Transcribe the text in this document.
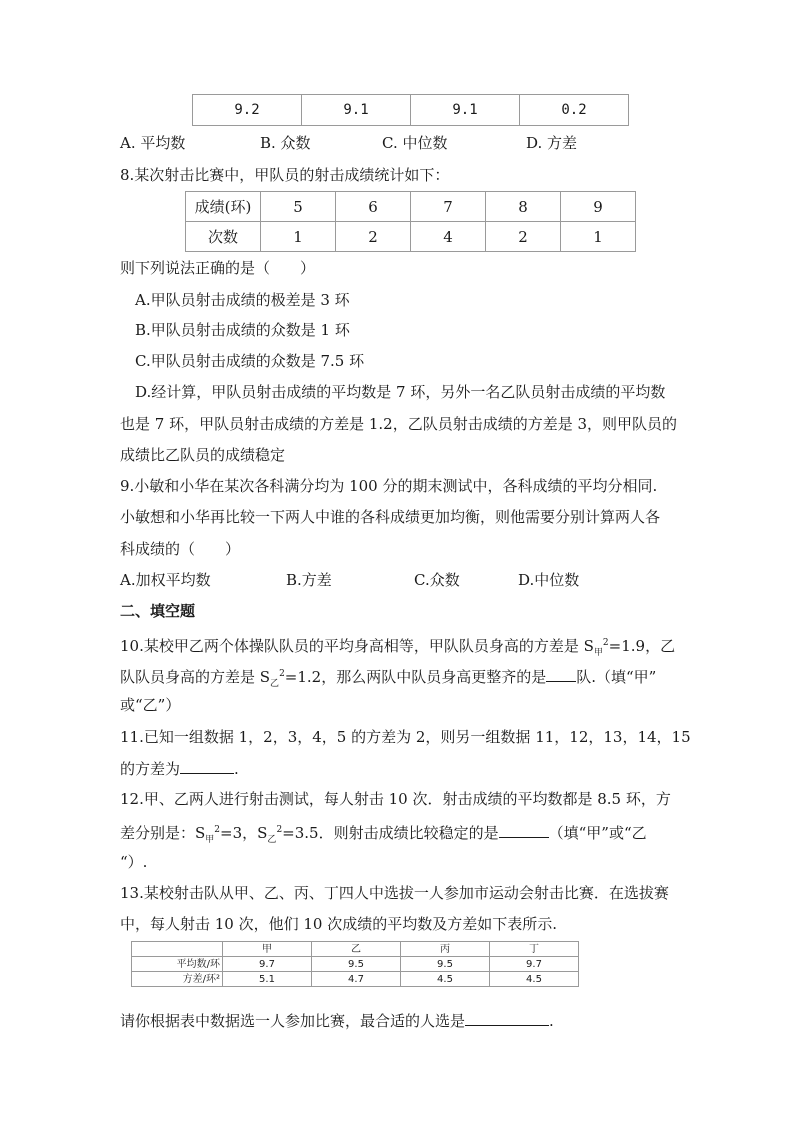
9.2	9.1	9.1	0.2
A. 平均数	B. 众数	C. 中位数	D. 方差
8.某次射击比赛中，甲队员的射击成绩统计如下：
成绩(环)	5	6	7	8	9
次数	1	2	4	2	1
则下列说法正确的是（　　）
A.甲队员射击成绩的极差是 3 环
B.甲队员射击成绩的众数是 1 环
C.甲队员射击成绩的众数是 7.5 环
D.经计算，甲队员射击成绩的平均数是 7 环，另外一名乙队员射击成绩的平均数
也是 7 环，甲队员射击成绩的方差是 1.2，乙队员射击成绩的方差是 3，则甲队员的
成绩比乙队员的成绩稳定
9.小敏和小华在某次各科满分均为 100 分的期末测试中，各科成绩的平均分相同.
小敏想和小华再比较一下两人中谁的各科成绩更加均衡，则他需要分别计算两人各
科成绩的（　　）
A.加权平均数	B.方差	C.众数	D.中位数
二、填空题
10.某校甲乙两个体操队队员的平均身高相等，甲队队员身高的方差是 $S_甲^2=1.9$，乙
队队员身高的方差是 $S_乙^2=1.2$，那么两队中队员身高更整齐的是 队.（填“甲”
或“乙”）
11.已知一组数据 1，2，3，4，5 的方差为 2，则另一组数据 11，12，13，14，15
的方差为	.
12.甲、乙两人进行射击测试，每人射击 10 次．射击成绩的平均数都是 8.5 环，方
差分别是：$S_甲^2=3$，$S_乙^2=3.5$．则射击成绩比较稳定的是	（填“甲”或“乙
“）.
13.某校射击队从甲、乙、丙、丁四人中选拔一人参加市运动会射击比赛．在选拔赛
中，每人射击 10 次，他们 10 次成绩的平均数及方差如下表所示.
	甲	乙	丙	丁
平均数/环	9.7	9.5	9.5	9.7
方差/环²	5.1	4.7	4.5	4.5
请你根据表中数据选一人参加比赛，最合适的人选是	.
